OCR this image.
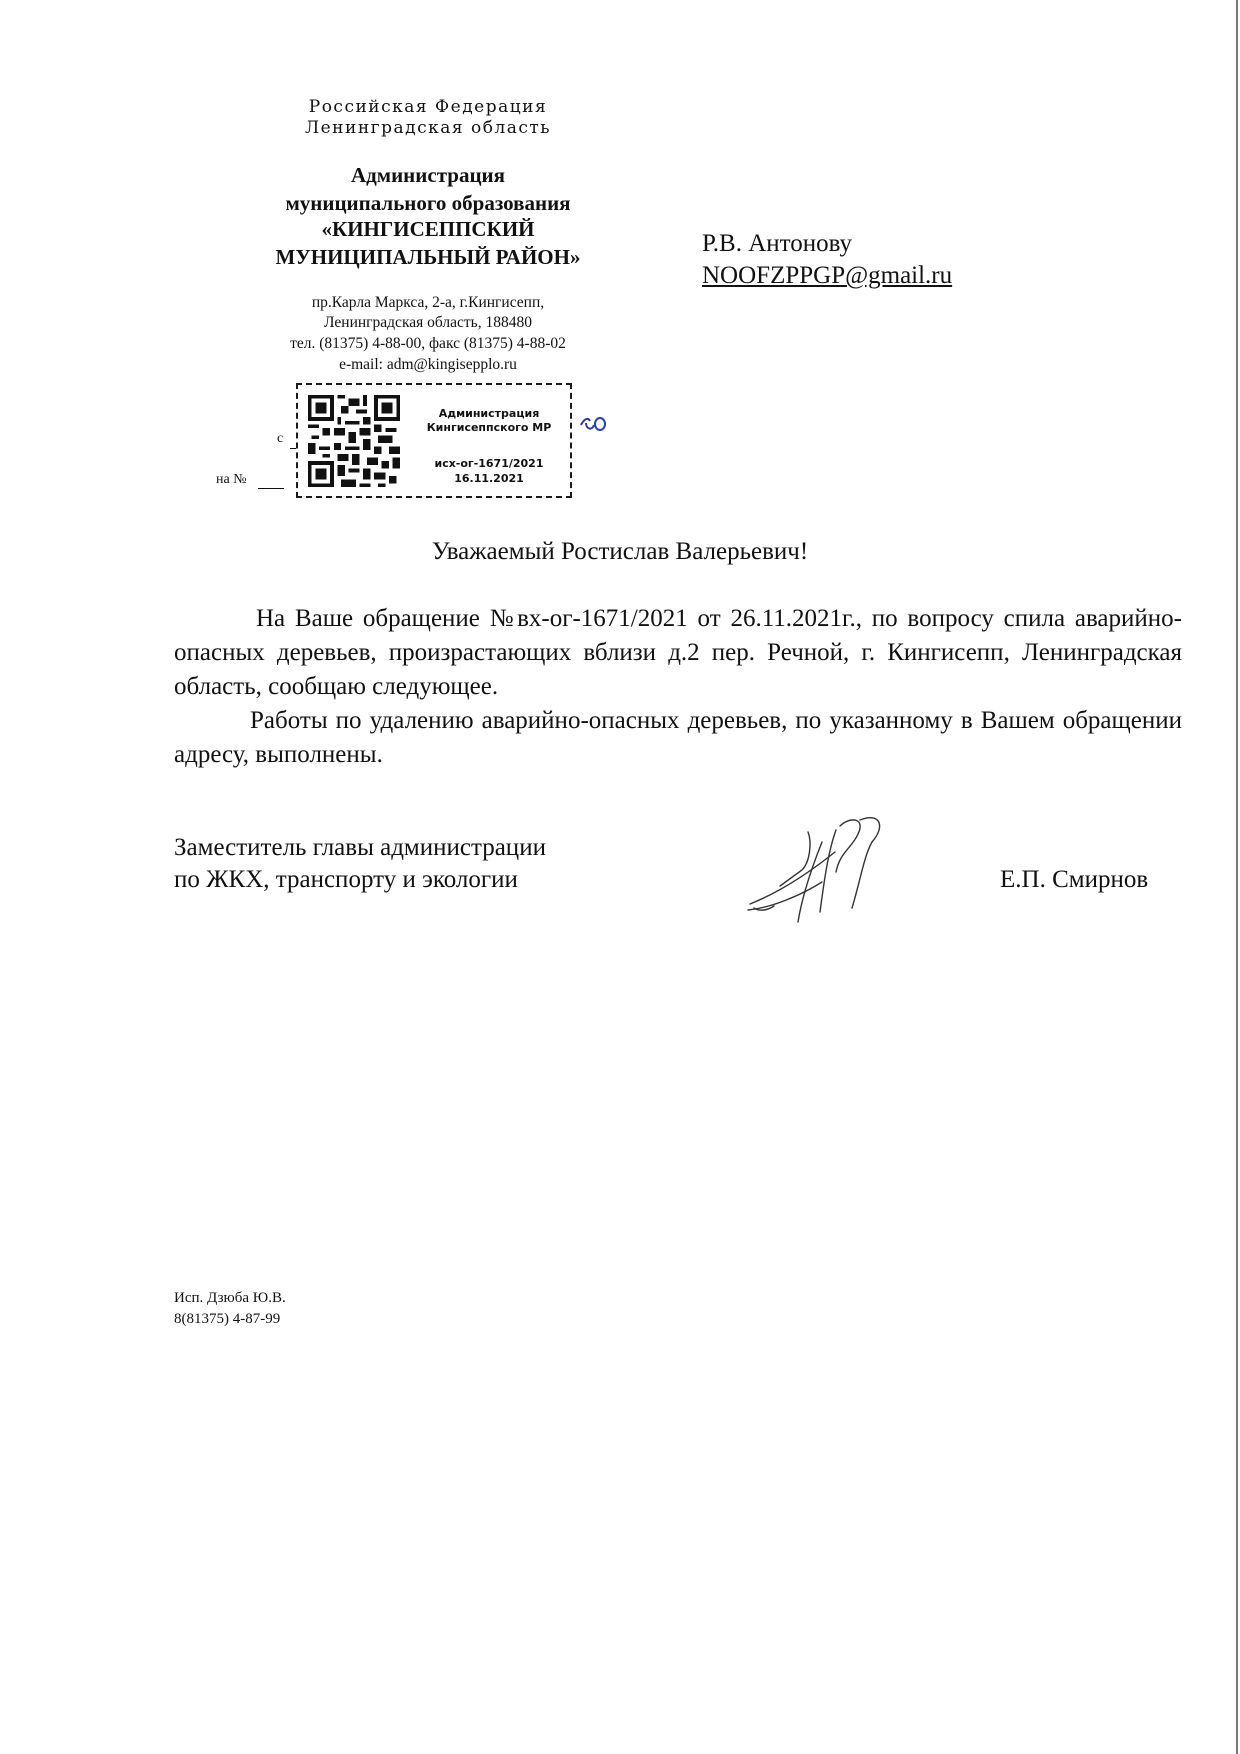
Российская Федерация
Ленинградская область
Администрация
муниципального образования
«КИНГИСЕППСКИЙ
МУНИЦИПАЛЬНЫЙ РАЙОН»
пр.Карла Маркса, 2-а, г.Кингисепп,
Ленинградская область, 188480
тел. (81375) 4-88-00, факс (81375) 4-88-02
e-mail: adm@kingisepplo.ru
с
на №
Администрация
Кингисеппского МР
исх-ог-1671/2021
16.11.2021
Р.В. Антонову
NOOFZPPGP@gmail.ru
Уважаемый Ростислав Валерьевич!
На Ваше обращение №вх-ог-1671/2021 от 26.11.2021г., по вопросу спила аварийно-опасных деревьев, произрастающих вблизи д.2 пер. Речной, г. Кингисепп, Ленинградская область, сообщаю следующее.
Работы по удалению аварийно-опасных деревьев, по указанному в Вашем обращении адресу, выполнены.
Заместитель главы администрации
по ЖКХ, транспорту и экологии	Е.П. Смирнов
Исп. Дзюба Ю.В.
8(81375) 4-87-99
